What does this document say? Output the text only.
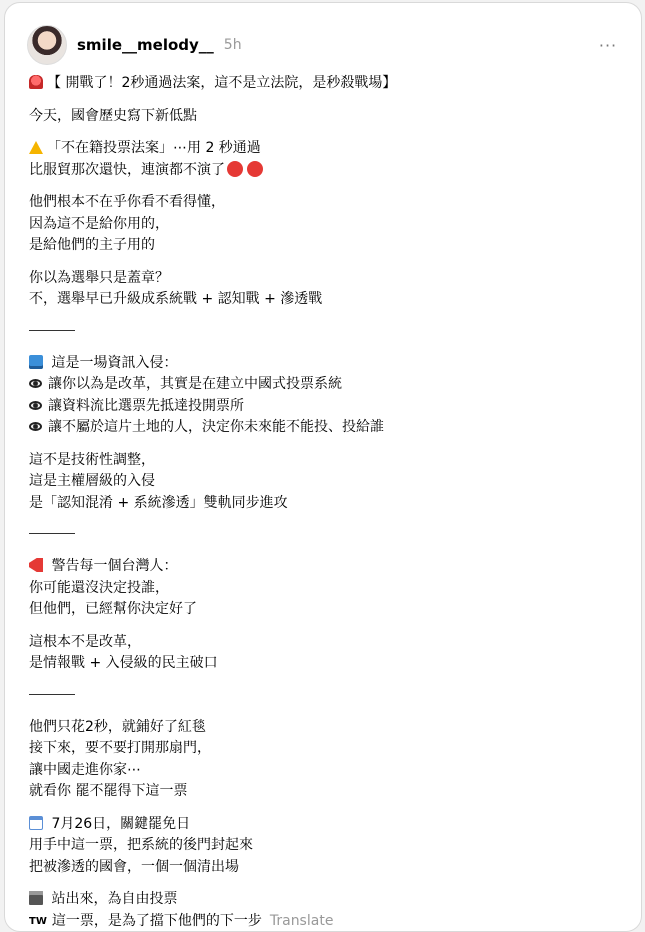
smile__melody__ 5h	···
【 開戰了！2秒通過法案，這不是立法院，是秒殺戰場】
今天，國會歷史寫下新低點
「不在籍投票法案」⋯用 2 秒通過
比服貿那次還快，連演都不演了
他們根本不在乎你看不看得懂，
因為這不是給你用的，
是給他們的主子用的
你以為選舉只是蓋章？
不，選舉早已升級成系統戰 + 認知戰 + 滲透戰
這是一場資訊入侵：
讓你以為是改革，其實是在建立中國式投票系統
讓資料流比選票先抵達投開票所
讓不屬於這片土地的人，決定你未來能不能投、投給誰
這不是技術性調整，
這是主權層級的入侵
是「認知混淆 + 系統滲透」雙軌同步進攻
警告每一個台灣人：
你可能還沒決定投誰，
但他們，已經幫你決定好了
這根本不是改革，
是情報戰 + 入侵級的民主破口
他們只花2秒，就鋪好了紅毯
接下來，要不要打開那扇門，
讓中國走進你家⋯
就看你 罷不罷得下這一票
7月26日，關鍵罷免日
用手中這一票，把系統的後門封起來
把被滲透的國會，一個一個清出場
站出來，為自由投票
TW 這一票，是為了擋下他們的下一步 Translate
